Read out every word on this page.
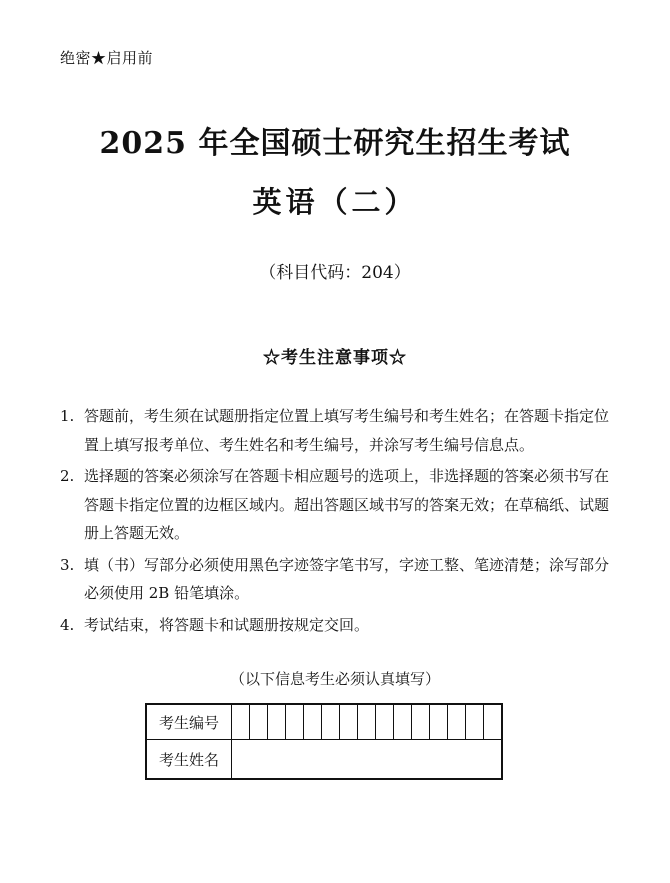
绝密★启用前
2025 年全国硕士研究生招生考试
英语（二）
（科目代码：204）
☆考生注意事项☆
1. 答题前，考生须在试题册指定位置上填写考生编号和考生姓名；在答题卡指定位置上填写报考单位、考生姓名和考生编号，并涂写考生编号信息点。
2. 选择题的答案必须涂写在答题卡相应题号的选项上，非选择题的答案必须书写在答题卡指定位置的边框区域内。超出答题区域书写的答案无效；在草稿纸、试题册上答题无效。
3. 填（书）写部分必须使用黑色字迹签字笔书写，字迹工整、笔迹清楚；涂写部分必须使用 2B 铅笔填涂。
4. 考试结束，将答题卡和试题册按规定交回。
（以下信息考生必须认真填写）
考生编号															
考生姓名															
